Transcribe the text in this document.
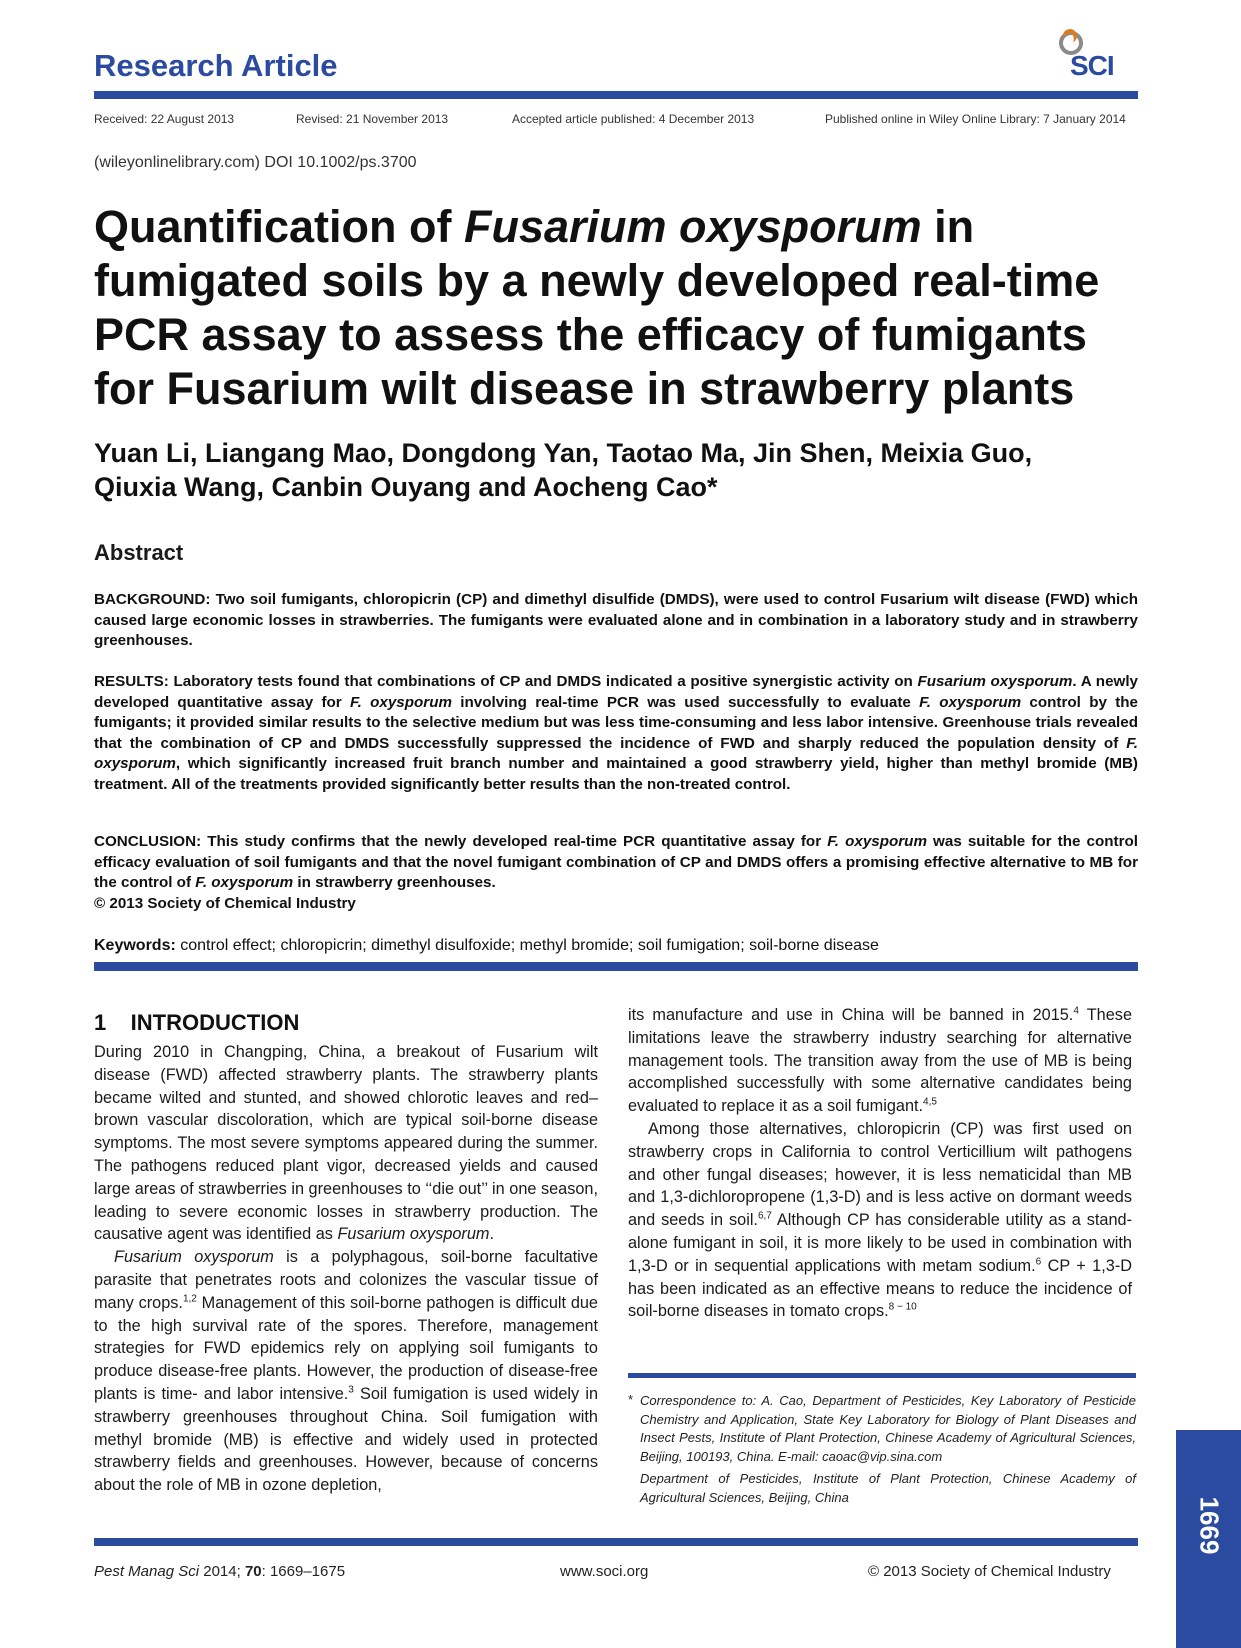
Research Article	SCI
Received: 22 August 2013	Revised: 21 November 2013	Accepted article published: 4 December 2013	Published online in Wiley Online Library: 7 January 2014
(wileyonlinelibrary.com) DOI 10.1002/ps.3700
Quantification of Fusarium oxysporum in fumigated soils by a newly developed real-time PCR assay to assess the efficacy of fumigants for Fusarium wilt disease in strawberry plants
Yuan Li, Liangang Mao, Dongdong Yan, Taotao Ma, Jin Shen, Meixia Guo,
Qiuxia Wang, Canbin Ouyang and Aocheng Cao*
Abstract
BACKGROUND: Two soil fumigants, chloropicrin (CP) and dimethyl disulfide (DMDS), were used to control Fusarium wilt disease (FWD) which caused large economic losses in strawberries. The fumigants were evaluated alone and in combination in a laboratory study and in strawberry greenhouses.
RESULTS: Laboratory tests found that combinations of CP and DMDS indicated a positive synergistic activity on Fusarium oxysporum. A newly developed quantitative assay for F. oxysporum involving real-time PCR was used successfully to evaluate F. oxysporum control by the fumigants; it provided similar results to the selective medium but was less time-consuming and less labor intensive. Greenhouse trials revealed that the combination of CP and DMDS successfully suppressed the incidence of FWD and sharply reduced the population density of F. oxysporum, which significantly increased fruit branch number and maintained a good strawberry yield, higher than methyl bromide (MB) treatment. All of the treatments provided significantly better results than the non-treated control.
CONCLUSION: This study confirms that the newly developed real-time PCR quantitative assay for F. oxysporum was suitable for the control efficacy evaluation of soil fumigants and that the novel fumigant combination of CP and DMDS offers a promising effective alternative to MB for the control of F. oxysporum in strawberry greenhouses.
© 2013 Society of Chemical Industry
Keywords: control effect; chloropicrin; dimethyl disulfoxide; methyl bromide; soil fumigation; soil-borne disease
1    INTRODUCTION

During 2010 in Changping, China, a breakout of Fusarium wilt disease (FWD) affected strawberry plants. The strawberry plants became wilted and stunted, and showed chlorotic leaves and red–brown vascular discoloration, which are typical soil-borne disease symptoms. The most severe symptoms appeared during the summer. The pathogens reduced plant vigor, decreased yields and caused large areas of strawberries in greenhouses to ‘‘die out’’ in one season, leading to severe economic losses in strawberry production. The causative agent was identified as Fusarium oxysporum.

Fusarium oxysporum is a polyphagous, soil-borne facultative parasite that penetrates roots and colonizes the vascular tissue of many crops.$^{1,2}$ Management of this soil-borne pathogen is difficult due to the high survival rate of the spores. Therefore, management strategies for FWD epidemics rely on applying soil fumigants to produce disease-free plants. However, the production of disease-free plants is time- and labor intensive.$^3$ Soil fumigation is used widely in strawberry greenhouses throughout China. Soil fumigation with methyl bromide (MB) is effective and widely used in protected strawberry fields and greenhouses. However, because of concerns about the role of MB in ozone depletion,

its manufacture and use in China will be banned in 2015.$^4$ These limitations leave the strawberry industry searching for alternative management tools. The transition away from the use of MB is being accomplished successfully with some alternative candidates being evaluated to replace it as a soil fumigant.$^{4,5}$

Among those alternatives, chloropicrin (CP) was first used on strawberry crops in California to control Verticillium wilt pathogens and other fungal diseases; however, it is less nematicidal than MB and 1,3-dichloropropene (1,3-D) and is less active on dormant weeds and seeds in soil.$^{6,7}$ Although CP has considerable utility as a stand-alone fumigant in soil, it is more likely to be used in combination with 1,3-D or in sequential applications with metam sodium.$^6$ CP + 1,3-D has been indicated as an effective means to reduce the incidence of soil-borne diseases in tomato crops.$^{8 - 10}$

* Correspondence to: A. Cao, Department of Pesticides, Key Laboratory of Pesticide Chemistry and Application, State Key Laboratory for Biology of Plant Diseases and Insect Pests, Institute of Plant Protection, Chinese Academy of Agricultural Sciences, Beijing, 100193, China. E-mail: caoac@vip.sina.com
Department of Pesticides, Institute of Plant Protection, Chinese Academy of Agricultural Sciences, Beijing, China	1669
Pest Manag Sci 2014; 70: 1669–1675	www.soci.org	© 2013 Society of Chemical Industry
